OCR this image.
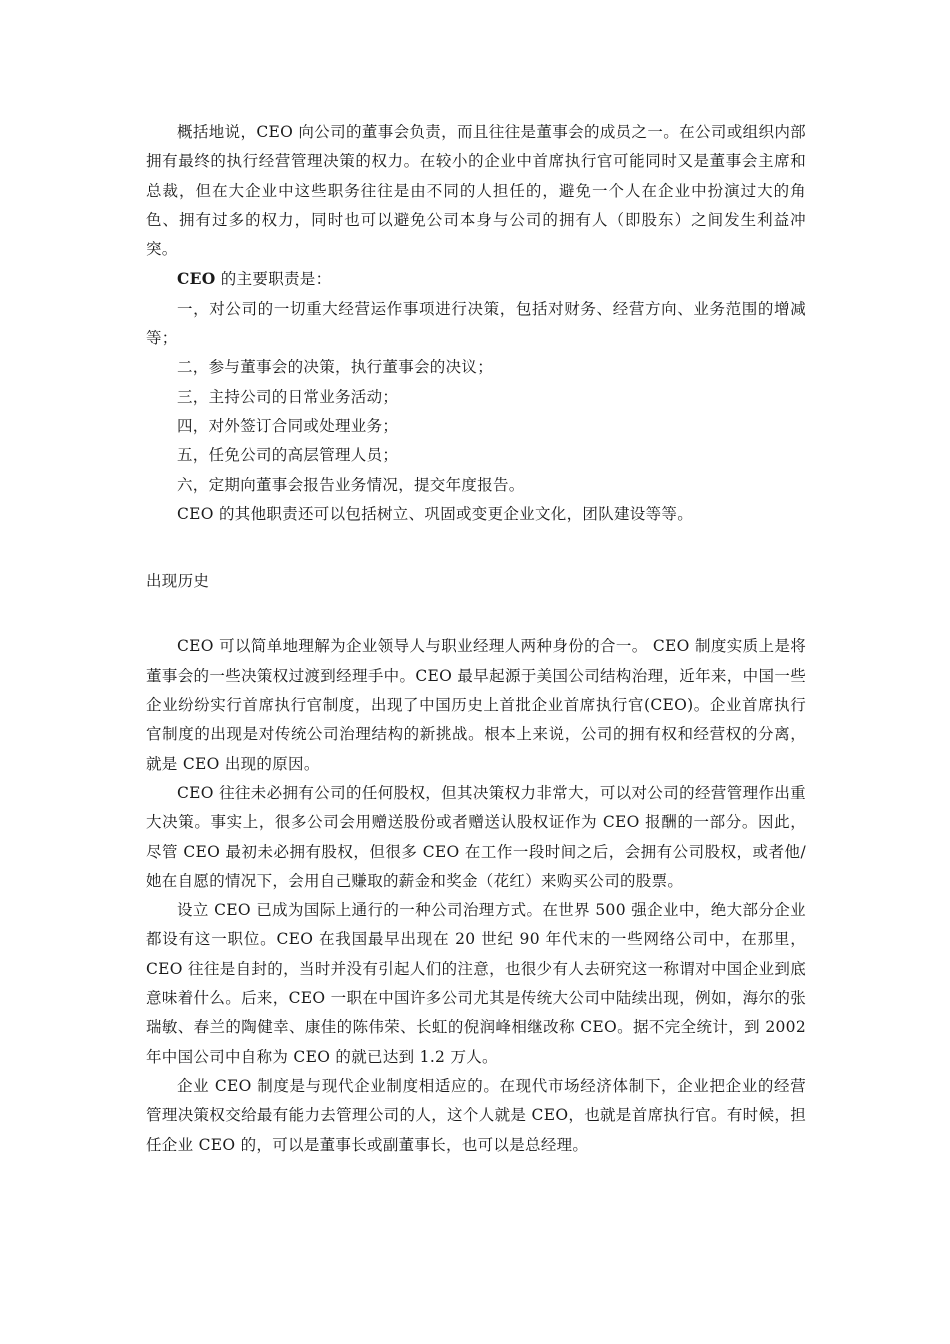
概括地说，CEO 向公司的董事会负责，而且往往是董事会的成员之一。在公司或组织内部拥有最终的执行经营管理决策的权力。在较小的企业中首席执行官可能同时又是董事会主席和总裁，但在大企业中这些职务往往是由不同的人担任的，避免一个人在企业中扮演过大的角色、拥有过多的权力，同时也可以避免公司本身与公司的拥有人（即股东）之间发生利益冲突。

CEO 的主要职责是：

一，对公司的一切重大经营运作事项进行决策，包括对财务、经营方向、业务范围的增减等；

二，参与董事会的决策，执行董事会的决议；

三，主持公司的日常业务活动；

四，对外签订合同或处理业务；

五，任免公司的高层管理人员；

六，定期向董事会报告业务情况，提交年度报告。

CEO 的其他职责还可以包括树立、巩固或变更企业文化，团队建设等等。

出现历史

CEO 可以简单地理解为企业领导人与职业经理人两种身份的合一。 CEO 制度实质上是将董事会的一些决策权过渡到经理手中。CEO 最早起源于美国公司结构治理，近年来，中国一些企业纷纷实行首席执行官制度，出现了中国历史上首批企业首席执行官(CEO)。企业首席执行官制度的出现是对传统公司治理结构的新挑战。根本上来说，公司的拥有权和经营权的分离，就是 CEO 出现的原因。

CEO 往往未必拥有公司的任何股权，但其决策权力非常大，可以对公司的经营管理作出重大决策。事实上，很多公司会用赠送股份或者赠送认股权证作为 CEO 报酬的一部分。因此，尽管 CEO 最初未必拥有股权，但很多 CEO 在工作一段时间之后，会拥有公司股权，或者他/她在自愿的情况下，会用自己赚取的薪金和奖金（花红）来购买公司的股票。

设立 CEO 已成为国际上通行的一种公司治理方式。在世界 500 强企业中，绝大部分企业都设有这一职位。CEO 在我国最早出现在 20 世纪 90 年代末的一些网络公司中，在那里，CEO 往往是自封的，当时并没有引起人们的注意，也很少有人去研究这一称谓对中国企业到底意味着什么。后来，CEO 一职在中国许多公司尤其是传统大公司中陆续出现，例如，海尔的张瑞敏、春兰的陶健幸、康佳的陈伟荣、长虹的倪润峰相继改称 CEO。据不完全统计，到 2002 年中国公司中自称为 CEO 的就已达到 1.2 万人。

企业 CEO 制度是与现代企业制度相适应的。在现代市场经济体制下，企业把企业的经营管理决策权交给最有能力去管理公司的人，这个人就是 CEO，也就是首席执行官。有时候，担任企业 CEO 的，可以是董事长或副董事长，也可以是总经理。
